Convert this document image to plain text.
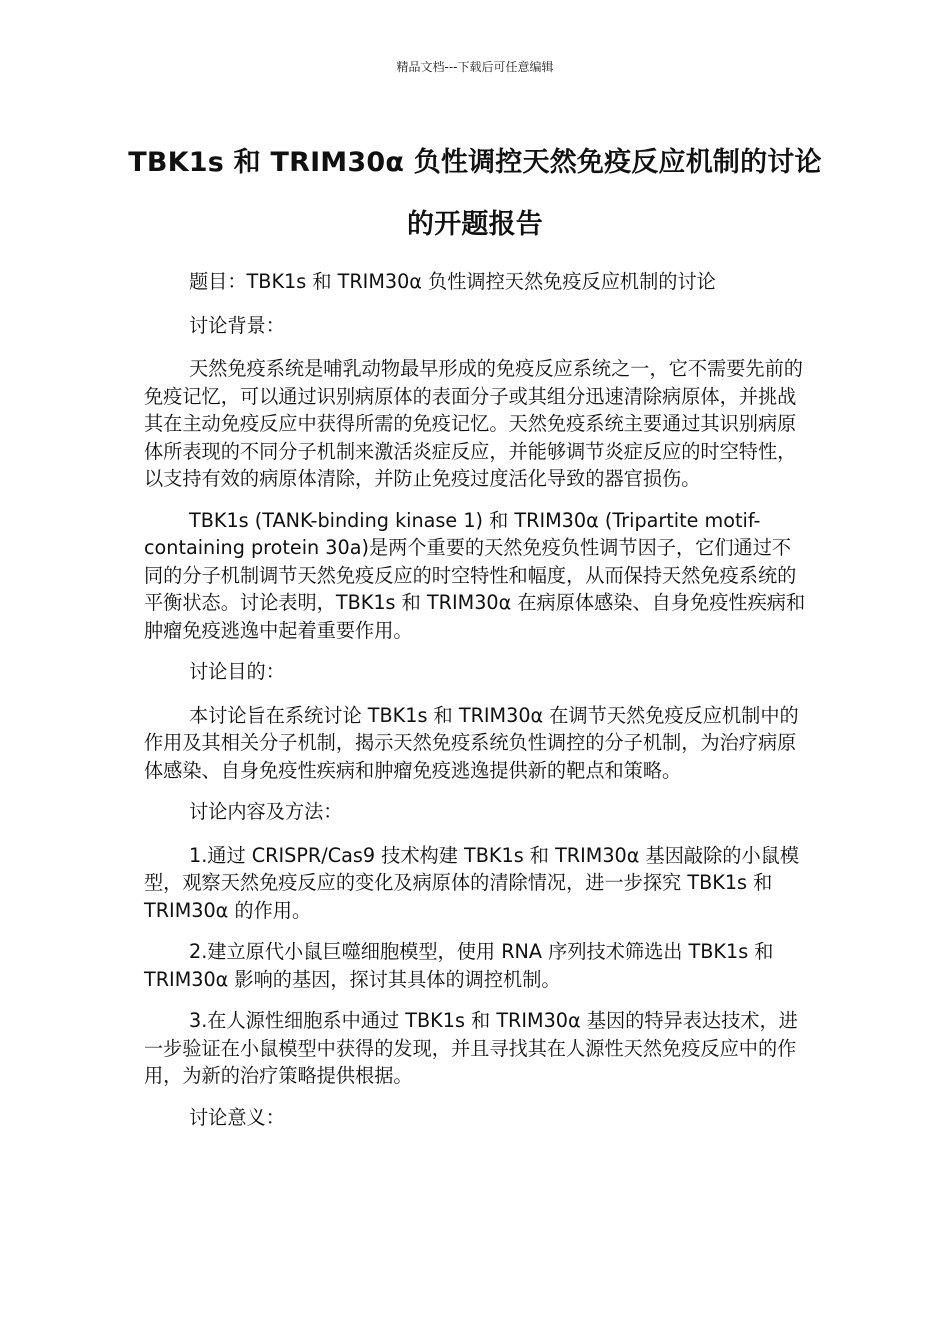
精品文档---下载后可任意编辑
TBK1s 和 TRIM30α 负性调控天然免疫反应机制的讨论的开题报告

题目：TBK1s 和 TRIM30α 负性调控天然免疫反应机制的讨论

讨论背景：

天然免疫系统是哺乳动物最早形成的免疫反应系统之一，它不需要先前的免疫记忆，可以通过识别病原体的表面分子或其组分迅速清除病原体，并挑战其在主动免疫反应中获得所需的免疫记忆。天然免疫系统主要通过其识别病原体所表现的不同分子机制来激活炎症反应，并能够调节炎症反应的时空特性，以支持有效的病原体清除，并防止免疫过度活化导致的器官损伤。

TBK1s (TANK-binding kinase 1) 和 TRIM30α (Tripartite motif-containing protein 30a)是两个重要的天然免疫负性调节因子，它们通过不同的分子机制调节天然免疫反应的时空特性和幅度，从而保持天然免疫系统的平衡状态。讨论表明，TBK1s 和 TRIM30α 在病原体感染、自身免疫性疾病和肿瘤免疫逃逸中起着重要作用。

讨论目的：

本讨论旨在系统讨论 TBK1s 和 TRIM30α 在调节天然免疫反应机制中的作用及其相关分子机制，揭示天然免疫系统负性调控的分子机制，为治疗病原体感染、自身免疫性疾病和肿瘤免疫逃逸提供新的靶点和策略。

讨论内容及方法：

1.通过 CRISPR/Cas9 技术构建 TBK1s 和 TRIM30α 基因敲除的小鼠模型，观察天然免疫反应的变化及病原体的清除情况，进一步探究 TBK1s 和 TRIM30α 的作用。

2.建立原代小鼠巨噬细胞模型，使用 RNA 序列技术筛选出 TBK1s 和 TRIM30α 影响的基因，探讨其具体的调控机制。

3.在人源性细胞系中通过 TBK1s 和 TRIM30α 基因的特异表达技术，进一步验证在小鼠模型中获得的发现，并且寻找其在人源性天然免疫反应中的作用，为新的治疗策略提供根据。

讨论意义：
